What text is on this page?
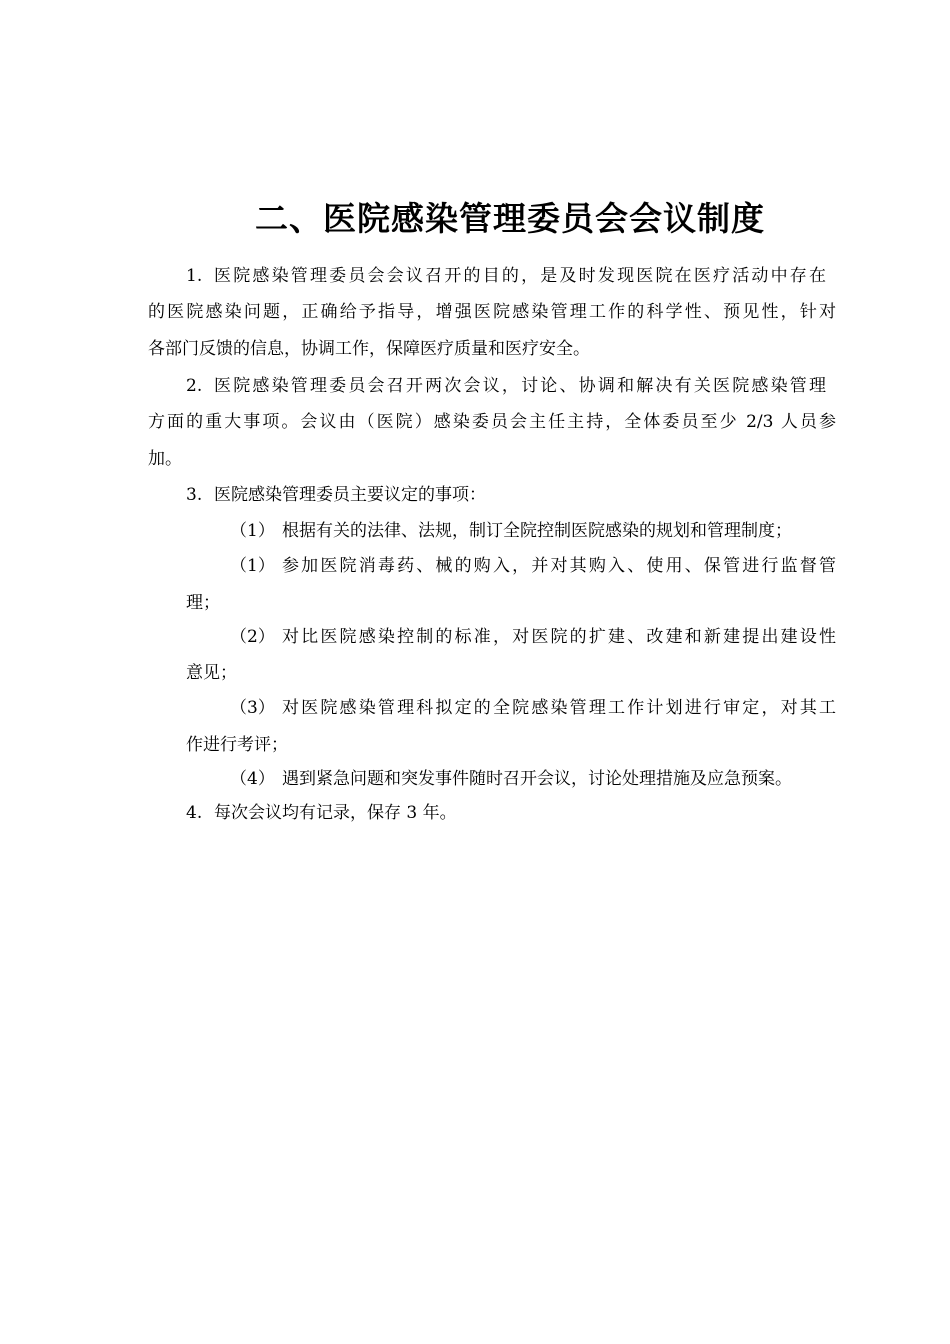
二、医院感染管理委员会会议制度
1. 医院感染管理委员会会议召开的目的，是及时发现医院在医疗活动中存在
的医院感染问题，正确给予指导，增强医院感染管理工作的科学性、预见性，针对
各部门反馈的信息，协调工作，保障医疗质量和医疗安全。
2. 医院感染管理委员会召开两次会议，讨论、协调和解决有关医院感染管理
方面的重大事项。会议由（医院）感染委员会主任主持，全体委员至少 2/3 人员参
加。
3. 医院感染管理委员主要议定的事项：
（1） 根据有关的法律、法规，制订全院控制医院感染的规划和管理制度；
（1） 参加医院消毒药、械的购入，并对其购入、使用、保管进行监督管
理；
（2） 对比医院感染控制的标准，对医院的扩建、改建和新建提出建设性
意见；
（3） 对医院感染管理科拟定的全院感染管理工作计划进行审定，对其工
作进行考评；
（4） 遇到紧急问题和突发事件随时召开会议，讨论处理措施及应急预案。
4. 每次会议均有记录，保存 3 年。
